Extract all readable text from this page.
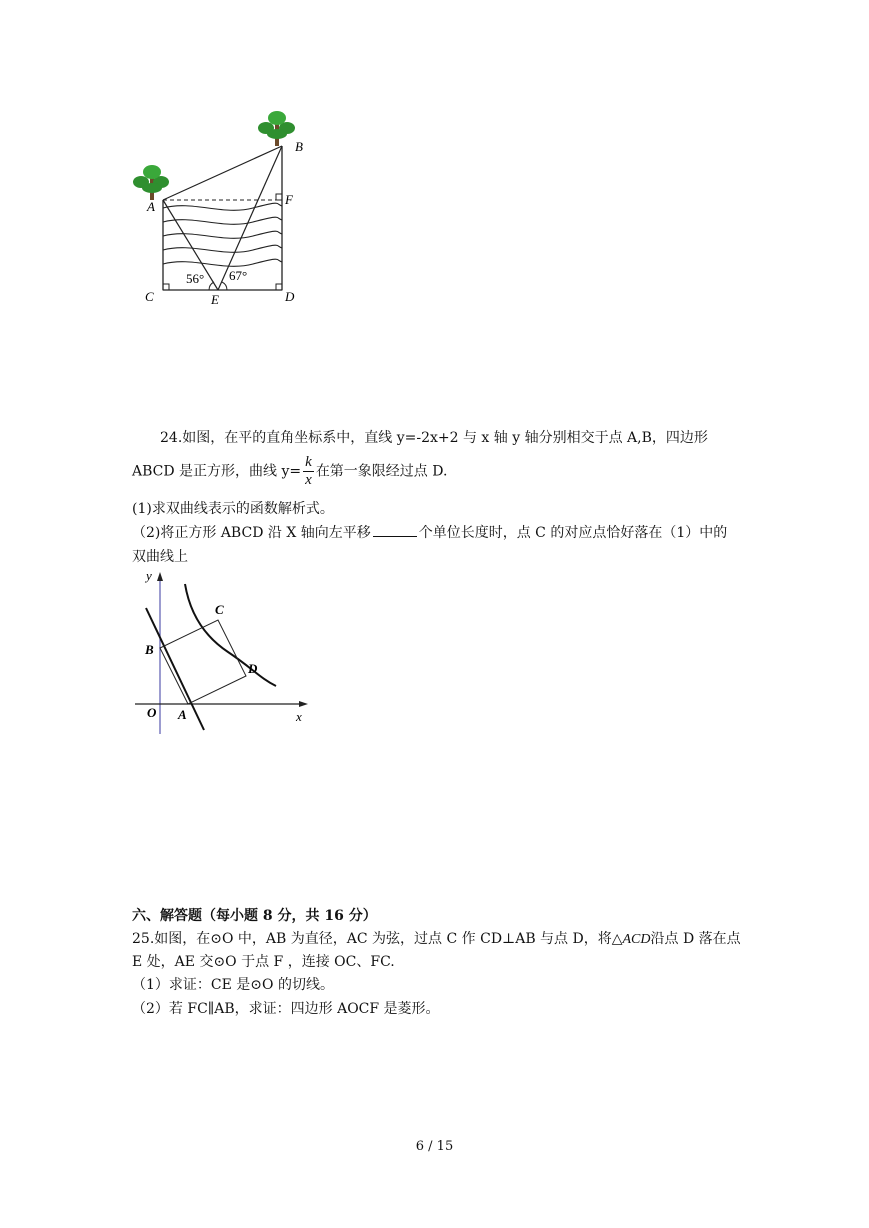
A
B
C	D
E
F
56° 67°
24.如图，在平的直角坐标系中，直线 y=-2x+2 与 x 轴 y 轴分别相交于点 A,B，四边形
ABCD 是正方形，曲线 $y= \frac{k}{x}$ 在第一象限经过点 D.
(1)求双曲线表示的函数解析式。
（2)将正方形 ABCD 沿 X 轴向左平移	个单位长度时，点 C 的对应点恰好落在（1）中的
双曲线上
y
x
O A
B
C
D
六、解答题（每小题 8 分，共 16 分）
25.如图，在⊙O 中，AB 为直径，AC 为弦，过点 C 作 CD⊥AB 与点 D，将△ACD沿点 D 落在点
E 处，AE 交⊙O 于点 F ，连接 OC、FC.
（1）求证：CE 是⊙O 的切线。
（2）若 FC∥AB，求证：四边形 AOCF 是菱形。
6 / 15
